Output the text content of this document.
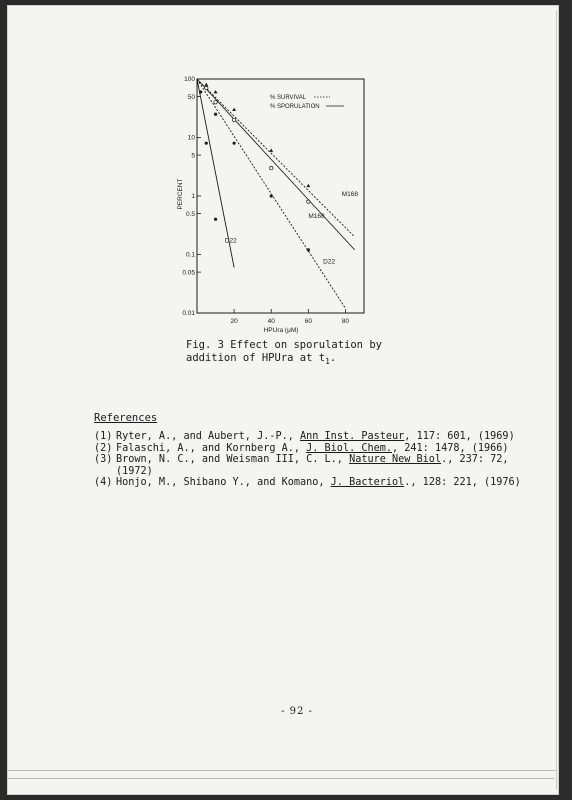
100
50
10
5
1
0.5
0.1
0.05
0.01
20	40	60	80
M168
M168
D22
D22
% SURVIVAL
% SPORULATION
PERCENT
HPUra (μM)
Fig. 3 Effect on sporulation by addition of HPUra at $t_1$.
References
(1) Ryter, A., and Aubert, J.-P., Ann Inst. Pasteur, 117: 601, (1969)
(2) Falaschi, A., and Kornberg A., J. Biol. Chem., 241: 1478, (1966)
(3) Brown, N. C., and Weisman III, C. L., Nature New Biol., 237: 72, (1972)
(4) Honjo, M., Shibano Y., and Komano, J. Bacteriol., 128: 221, (1976)
- 92 -
